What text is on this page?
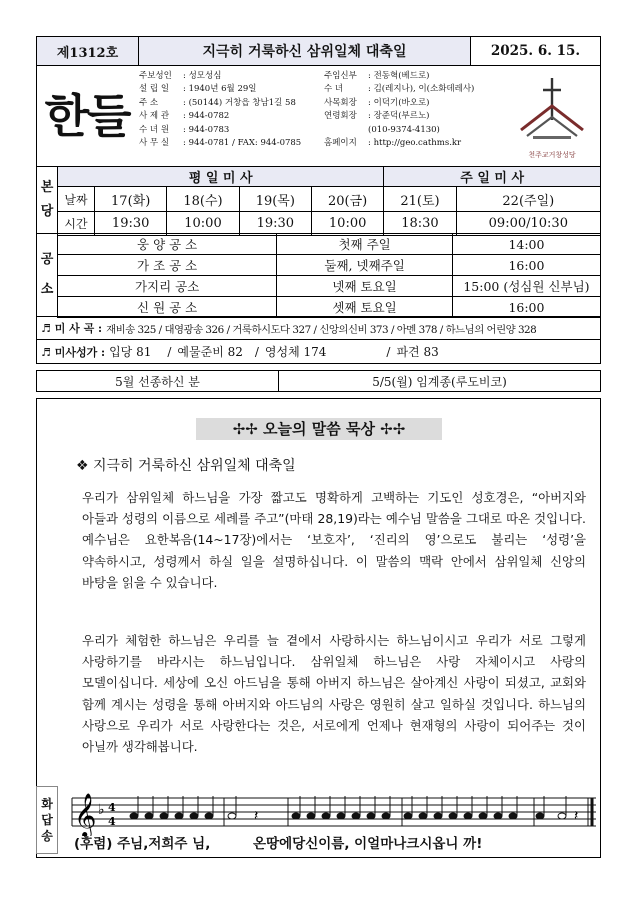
제1312호	지극히 거룩하신 삼위일체 대축일	2025. 6. 15.
한들
주보성인 : 성모성심
설 립 일 : 1940년 6월 29일
주 소	: (50144) 거창읍 창남1길 58
사 제 관 : 944-0782
수 녀 원 : 944-0783
사 무 실 : 944-0781 / FAX: 944-0785
주임신부 : 전동혁(베드로)
수 녀	: 김(레지나), 이(소화데레사)
사목회장 : 이덕기(바오로)
연령회장 : 장준덕(부르노)
(010-9374-4130)
홈페이지 : http://geo.cathms.kr
천주교거창성당
본
당
평 일 미 사					주 일 미 사	
날짜	17(화)	18(수)	19(목)	20(금)	21(토)	22(주일)
시간	19:30	10:00	19:30	10:00	18:30	09:00/10:30
공
소
웅 양 공 소	첫째 주일	14:00
가 조 공 소	둘째, 넷째주일	16:00
가지리 공소	넷째 토요일	15:00 (성심원 신부님)
신 원 공 소	셋째 토요일	16:00
♬ 미 사 곡 : 재비송 325 / 대영광송 326 / 거룩하시도다 327 / 신앙의신비 373 / 아멘 378 / 하느님의 어린양 328
♬ 미사성가 : 입당 81 / 예물준비 82 / 영성체 174	/ 파견 83
5월 선종하신 분	5/5(월) 임계종(루도비코)
✢✢ 오늘의 말씀 묵상 ✢✢
❖ 지극히 거룩하신 삼위일체 대축일
우리가 삼위일체 하느님을 가장 짧고도 명확하게 고백하는 기도인 성호경은, “아버지와 아들과 성령의 이름으로 세례를 주고”(마태 28,19)라는 예수님 말씀을 그대로 따온 것입니다. 예수님은 요한복음(14~17장)에서는 ‘보호자’, ‘진리의 영’으로도 불리는 ‘성령’을 약속하시고, 성령께서 하실 일을 설명하십니다. 이 말씀의 맥락 안에서 삼위일체 신앙의 바탕을 읽을 수 있습니다.
우리가 체험한 하느님은 우리를 늘 곁에서 사랑하시는 하느님이시고 우리가 서로 그렇게 사랑하기를 바라시는 하느님입니다. 삼위일체 하느님은 사랑 자체이시고 사랑의 모델이십니다. 세상에 오신 아드님을 통해 아버지 하느님은 살아계신 사랑이 되셨고, 교회와 함께 계시는 성령을 통해 아버지와 아드님의 사랑은 영원히 살고 일하실 것입니다. 하느님의 사랑으로 우리가 서로 사랑한다는 것은, 서로에게 언제나 현재형의 사랑이 되어주는 것이 아닐까 생각해봅니다.
화
답
송 𝄞 ♭ 4
4	𝄽	𝄽
(후렴) 주님,저희주 님,	온땅에당신이름, 이얼마나크시옵니 까!
